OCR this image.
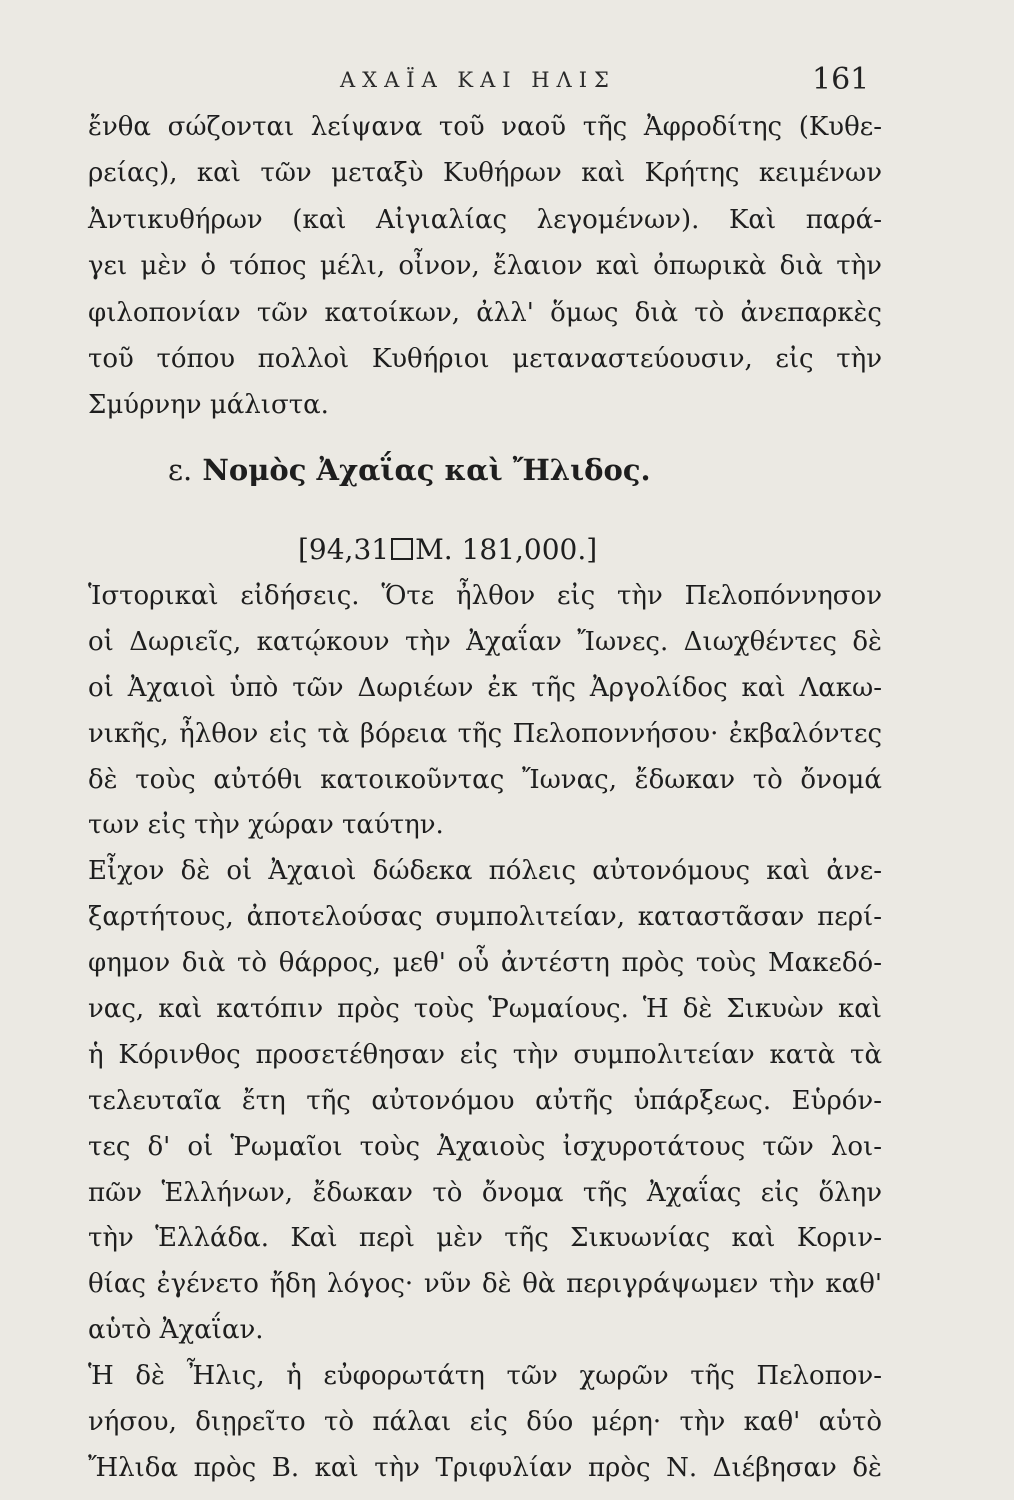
ΑΧΑΪΑ ΚΑΙ ΗΛΙΣ	161
ἔνθα σώζονται λείψανα τοῦ ναοῦ τῆς Ἀφροδίτης (Κυθε-
ρείας), καὶ τῶν μεταξὺ Κυθήρων καὶ Κρήτης κειμένων
Ἀντικυθήρων (καὶ Αἰγιαλίας λεγομένων). Καὶ παρά-
γει μὲν ὁ τόπος μέλι, οἶνον, ἔλαιον καὶ ὀπωρικὰ διὰ τὴν
φιλοπονίαν τῶν κατοίκων, ἀλλ' ὅμως διὰ τὸ ἀνεπαρκὲς
τοῦ τόπου πολλοὶ Κυθήριοι μεταναστεύουσιν, εἰς τὴν
Σμύρνην μάλιστα.
ε. Νομὸς Ἀχαΐας καὶ Ἤλιδος.
[94,31 Μ. 181,000.]
Ἱστορικαὶ εἰδήσεις. Ὅτε ἦλθον εἰς τὴν Πελοπόννησον
οἱ Δωριεῖς, κατῴκουν τὴν Ἀχαΐαν Ἴωνες. Διωχθέντες δὲ
οἱ Ἀχαιοὶ ὑπὸ τῶν Δωριέων ἐκ τῆς Ἀργολίδος καὶ Λακω-
νικῆς, ἦλθον εἰς τὰ βόρεια τῆς Πελοποννήσου· ἐκβαλόντες
δὲ τοὺς αὐτόθι κατοικοῦντας Ἴωνας, ἔδωκαν τὸ ὄνομά
των εἰς τὴν χώραν ταύτην.
Εἶχον δὲ οἱ Ἀχαιοὶ δώδεκα πόλεις αὐτονόμους καὶ ἀνε-
ξαρτήτους, ἀποτελούσας συμπολιτείαν, καταστᾶσαν περί-
φημον διὰ τὸ θάρρος, μεθ' οὗ ἀντέστη πρὸς τοὺς Μακεδό-
νας, καὶ κατόπιν πρὸς τοὺς Ῥωμαίους. Ἡ δὲ Σικυὼν καὶ
ἡ Κόρινθος προσετέθησαν εἰς τὴν συμπολιτείαν κατὰ τὰ
τελευταῖα ἔτη τῆς αὐτονόμου αὐτῆς ὑπάρξεως. Εὑρόν-
τες δ' οἱ Ῥωμαῖοι τοὺς Ἀχαιοὺς ἰσχυροτάτους τῶν λοι-
πῶν Ἑλλήνων, ἔδωκαν τὸ ὄνομα τῆς Ἀχαΐας εἰς ὅλην
τὴν Ἑλλάδα. Καὶ περὶ μὲν τῆς Σικυωνίας καὶ Κοριν-
θίας ἐγένετο ἤδη λόγος· νῦν δὲ θὰ περιγράψωμεν τὴν καθ'
αὑτὸ Ἀχαΐαν.
Ἡ δὲ Ἦλις, ἡ εὐφορωτάτη τῶν χωρῶν τῆς Πελοπον-
νήσου, διῃρεῖτο τὸ πάλαι εἰς δύο μέρη· τὴν καθ' αὑτὸ
Ἤλιδα πρὸς Β. καὶ τὴν Τριφυλίαν πρὸς Ν. Διέβησαν δὲ
